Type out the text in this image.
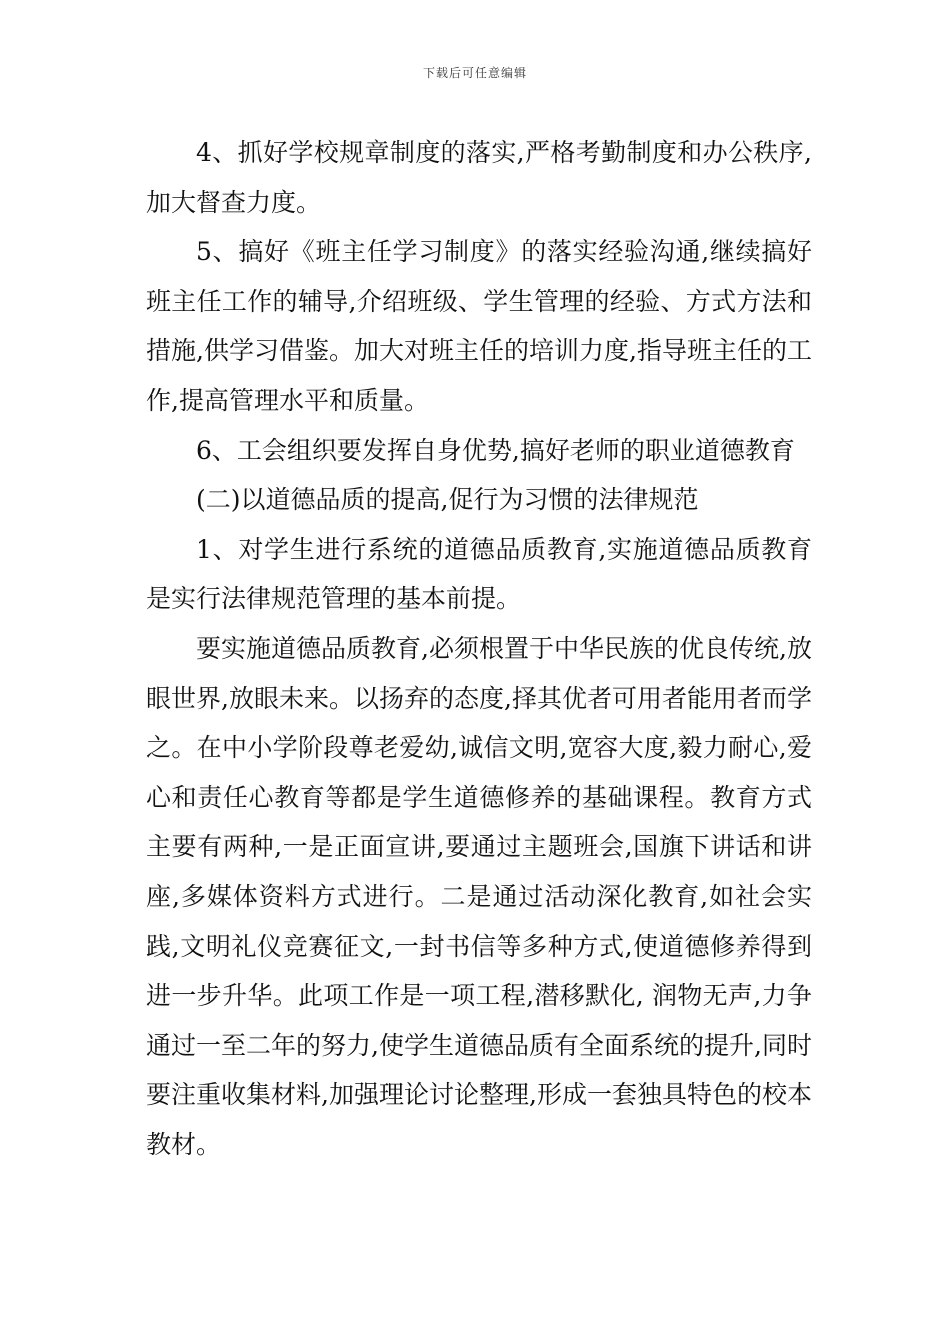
下载后可任意编辑

4、抓好学校规章制度的落实,严格考勤制度和办公秩序,加大督查力度。

5、搞好《班主任学习制度》的落实经验沟通,继续搞好班主任工作的辅导,介绍班级、学生管理的经验、方式方法和措施,供学习借鉴。加大对班主任的培训力度,指导班主任的工作,提高管理水平和质量。

6、工会组织要发挥自身优势,搞好老师的职业道德教育

(二)以道德品质的提高,促行为习惯的法律规范

1、对学生进行系统的道德品质教育,实施道德品质教育是实行法律规范管理的基本前提。

要实施道德品质教育,必须根置于中华民族的优良传统,放眼世界,放眼未来。以扬弃的态度,择其优者可用者能用者而学之。在中小学阶段尊老爱幼,诚信文明,宽容大度,毅力耐心,爱心和责任心教育等都是学生道德修养的基础课程。教育方式主要有两种,一是正面宣讲,要通过主题班会,国旗下讲话和讲座,多媒体资料方式进行。二是通过活动深化教育,如社会实践,文明礼仪竞赛征文,一封书信等多种方式,使道德修养得到进一步升华。此项工作是一项工程,潜移默化, 润物无声,力争通过一至二年的努力,使学生道德品质有全面系统的提升,同时要注重收集材料,加强理论讨论整理,形成一套独具特色的校本教材。
